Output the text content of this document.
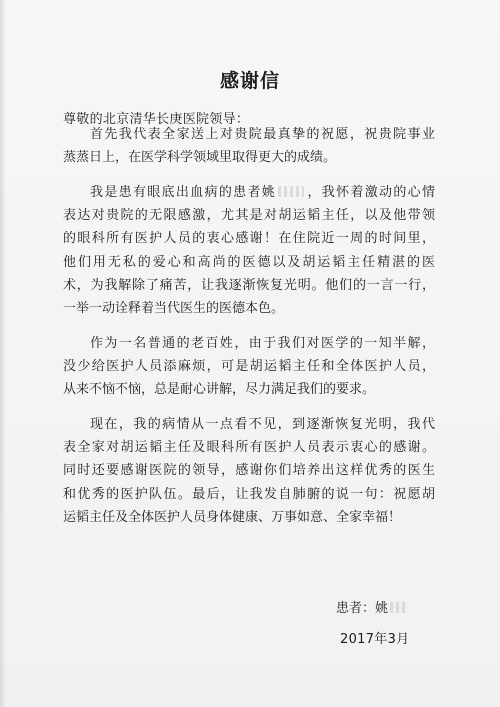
感谢信
尊敬的北京清华长庚医院领导：
首先我代表全家送上对贵院最真挚的祝愿，祝贵院事业
蒸蒸日上，在医学科学领域里取得更大的成绩。
我是患有眼底出血病的患者姚 ，我怀着激动的心情
表达对贵院的无限感激，尤其是对胡运韬主任，以及他带领
的眼科所有医护人员的衷心感谢！在住院近一周的时间里，
他们用无私的爱心和高尚的医德以及胡运韬主任精湛的医
术，为我解除了痛苦，让我逐渐恢复光明。他们的一言一行，
一举一动诠释着当代医生的医德本色。
作为一名普通的老百姓，由于我们对医学的一知半解，
没少给医护人员添麻烦，可是胡运韬主任和全体医护人员，
从来不恼不恼，总是耐心讲解，尽力满足我们的要求。
现在，我的病情从一点看不见，到逐渐恢复光明，我代
表全家对胡运韬主任及眼科所有医护人员表示衷心的感谢。
同时还要感谢医院的领导，感谢你们培养出这样优秀的医生
和优秀的医护队伍。最后，让我发自肺腑的说一句：祝愿胡
运韬主任及全体医护人员身体健康、万事如意、全家幸福！
患者：姚
2017年3月
